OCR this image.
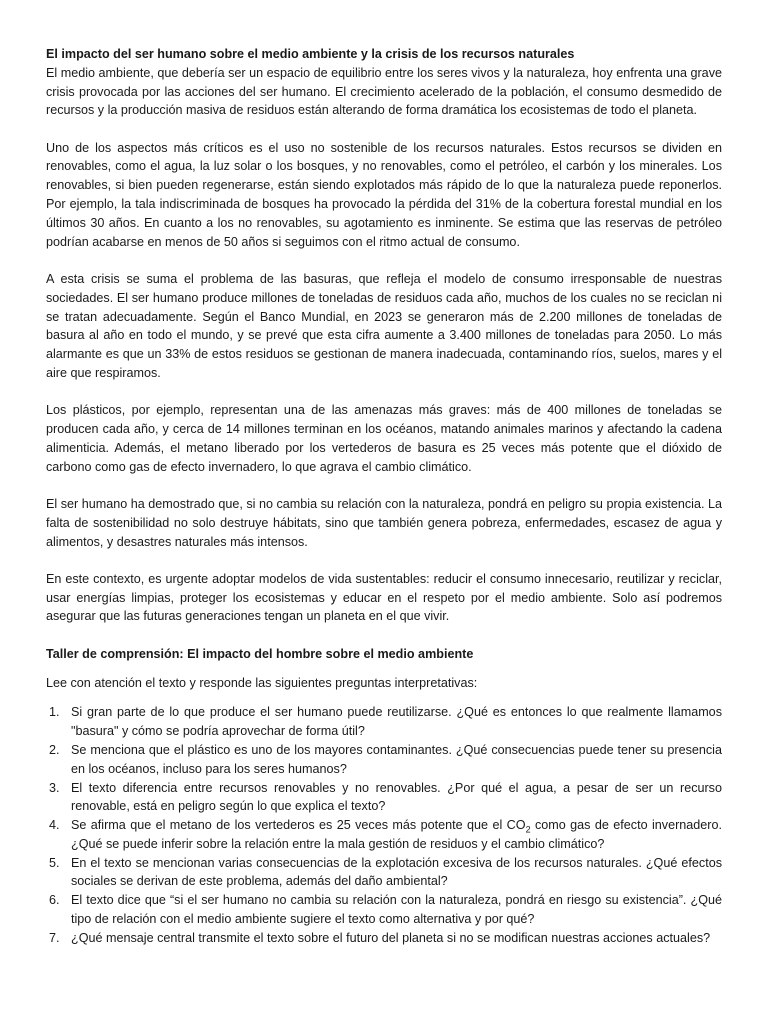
El impacto del ser humano sobre el medio ambiente y la crisis de los recursos naturales

El medio ambiente, que debería ser un espacio de equilibrio entre los seres vivos y la naturaleza, hoy enfrenta una grave crisis provocada por las acciones del ser humano. El crecimiento acelerado de la población, el consumo desmedido de recursos y la producción masiva de residuos están alterando de forma dramática los ecosistemas de todo el planeta.

Uno de los aspectos más críticos es el uso no sostenible de los recursos naturales. Estos recursos se dividen en renovables, como el agua, la luz solar o los bosques, y no renovables, como el petróleo, el carbón y los minerales. Los renovables, si bien pueden regenerarse, están siendo explotados más rápido de lo que la naturaleza puede reponerlos. Por ejemplo, la tala indiscriminada de bosques ha provocado la pérdida del 31% de la cobertura forestal mundial en los últimos 30 años. En cuanto a los no renovables, su agotamiento es inminente. Se estima que las reservas de petróleo podrían acabarse en menos de 50 años si seguimos con el ritmo actual de consumo.

A esta crisis se suma el problema de las basuras, que refleja el modelo de consumo irresponsable de nuestras sociedades. El ser humano produce millones de toneladas de residuos cada año, muchos de los cuales no se reciclan ni se tratan adecuadamente. Según el Banco Mundial, en 2023 se generaron más de 2.200 millones de toneladas de basura al año en todo el mundo, y se prevé que esta cifra aumente a 3.400 millones de toneladas para 2050. Lo más alarmante es que un 33% de estos residuos se gestionan de manera inadecuada, contaminando ríos, suelos, mares y el aire que respiramos.

Los plásticos, por ejemplo, representan una de las amenazas más graves: más de 400 millones de toneladas se producen cada año, y cerca de 14 millones terminan en los océanos, matando animales marinos y afectando la cadena alimenticia. Además, el metano liberado por los vertederos de basura es 25 veces más potente que el dióxido de carbono como gas de efecto invernadero, lo que agrava el cambio climático.

El ser humano ha demostrado que, si no cambia su relación con la naturaleza, pondrá en peligro su propia existencia. La falta de sostenibilidad no solo destruye hábitats, sino que también genera pobreza, enfermedades, escasez de agua y alimentos, y desastres naturales más intensos.

En este contexto, es urgente adoptar modelos de vida sustentables: reducir el consumo innecesario, reutilizar y reciclar, usar energías limpias, proteger los ecosistemas y educar en el respeto por el medio ambiente. Solo así podremos asegurar que las futuras generaciones tengan un planeta en el que vivir.

Taller de comprensión: El impacto del hombre sobre el medio ambiente

Lee con atención el texto y responde las siguientes preguntas interpretativas:

1. Si gran parte de lo que produce el ser humano puede reutilizarse. ¿Qué es entonces lo que realmente llamamos "basura" y cómo se podría aprovechar de forma útil?
2. Se menciona que el plástico es uno de los mayores contaminantes. ¿Qué consecuencias puede tener su presencia en los océanos, incluso para los seres humanos?
3. El texto diferencia entre recursos renovables y no renovables. ¿Por qué el agua, a pesar de ser un recurso renovable, está en peligro según lo que explica el texto?
4. Se afirma que el metano de los vertederos es 25 veces más potente que el $CO_2$ como gas de efecto invernadero. ¿Qué se puede inferir sobre la relación entre la mala gestión de residuos y el cambio climático?
5. En el texto se mencionan varias consecuencias de la explotación excesiva de los recursos naturales. ¿Qué efectos sociales se derivan de este problema, además del daño ambiental?
6. El texto dice que “si el ser humano no cambia su relación con la naturaleza, pondrá en riesgo su existencia”. ¿Qué tipo de relación con el medio ambiente sugiere el texto como alternativa y por qué?
7. ¿Qué mensaje central transmite el texto sobre el futuro del planeta si no se modifican nuestras acciones actuales?
